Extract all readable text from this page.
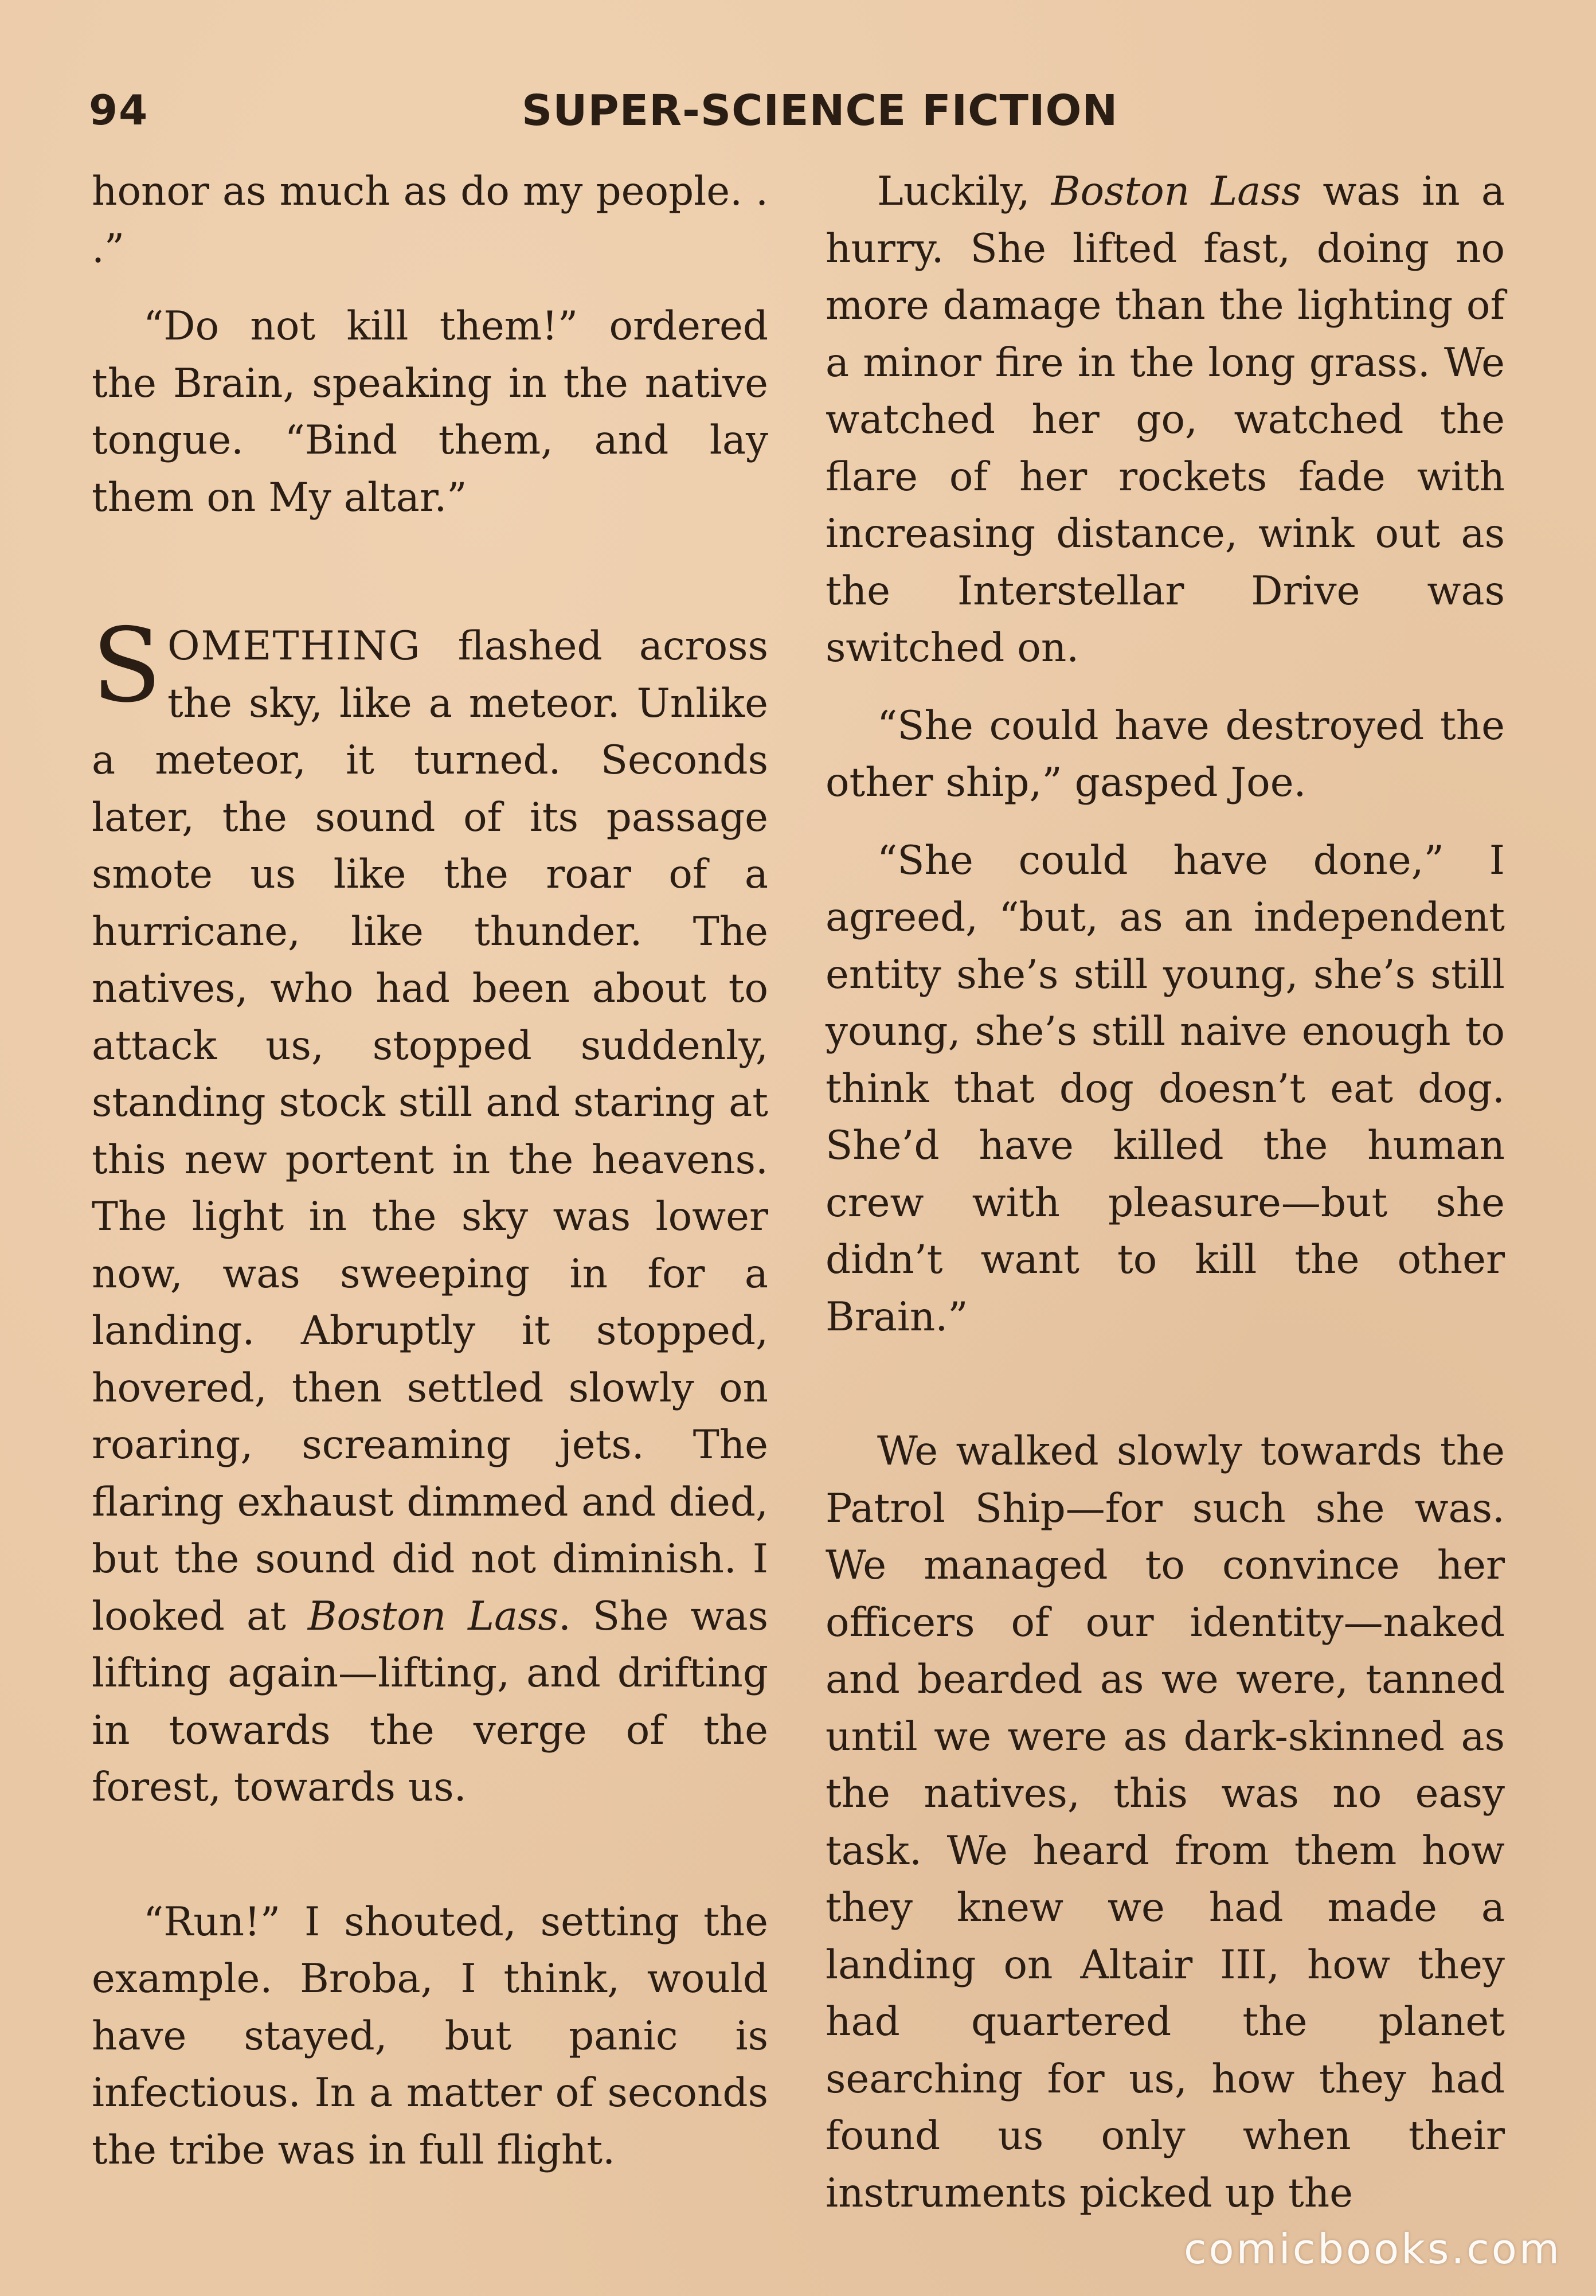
94	SUPER-SCIENCE FICTION

honor as much as do my people. . .”

“Do not kill them!” ordered the Brain, speaking in the native tongue. “Bind them, and lay them on My altar.”

SOMETHING flashed across the sky, like a meteor. Unlike a meteor, it turned. Seconds later, the sound of its passage smote us like the roar of a hurricane, like thunder. The natives, who had been about to attack us, stopped suddenly, standing stock still and staring at this new portent in the heavens. The light in the sky was lower now, was sweeping in for a landing. Abruptly it stopped, hovered, then settled slowly on roaring, screaming jets. The flaring exhaust dimmed and died, but the sound did not diminish. I looked at Boston Lass. She was lifting again—lifting, and drifting in towards the verge of the forest, towards us.

“Run!” I shouted, setting the example. Broba, I think, would have stayed, but panic is infectious. In a matter of seconds the tribe was in full flight.

Luckily, Boston Lass was in a hurry. She lifted fast, doing no more damage than the lighting of a minor fire in the long grass. We watched her go, watched the flare of her rockets fade with increasing distance, wink out as the Interstellar Drive was switched on.

“She could have destroyed the other ship,” gasped Joe.

“She could have done,” I agreed, “but, as an independent entity she’s still young, she’s still young, she’s still naive enough to think that dog doesn’t eat dog. She’d have killed the human crew with pleasure—but she didn’t want to kill the other Brain.”

We walked slowly towards the Patrol Ship—for such she was. We managed to convince her officers of our identity—naked and bearded as we were, tanned until we were as dark-skinned as the natives, this was no easy task. We heard from them how they knew we had made a landing on Altair III, how they had quartered the planet searching for us, how they had found us only when their instruments picked up the

comicbooks.com
